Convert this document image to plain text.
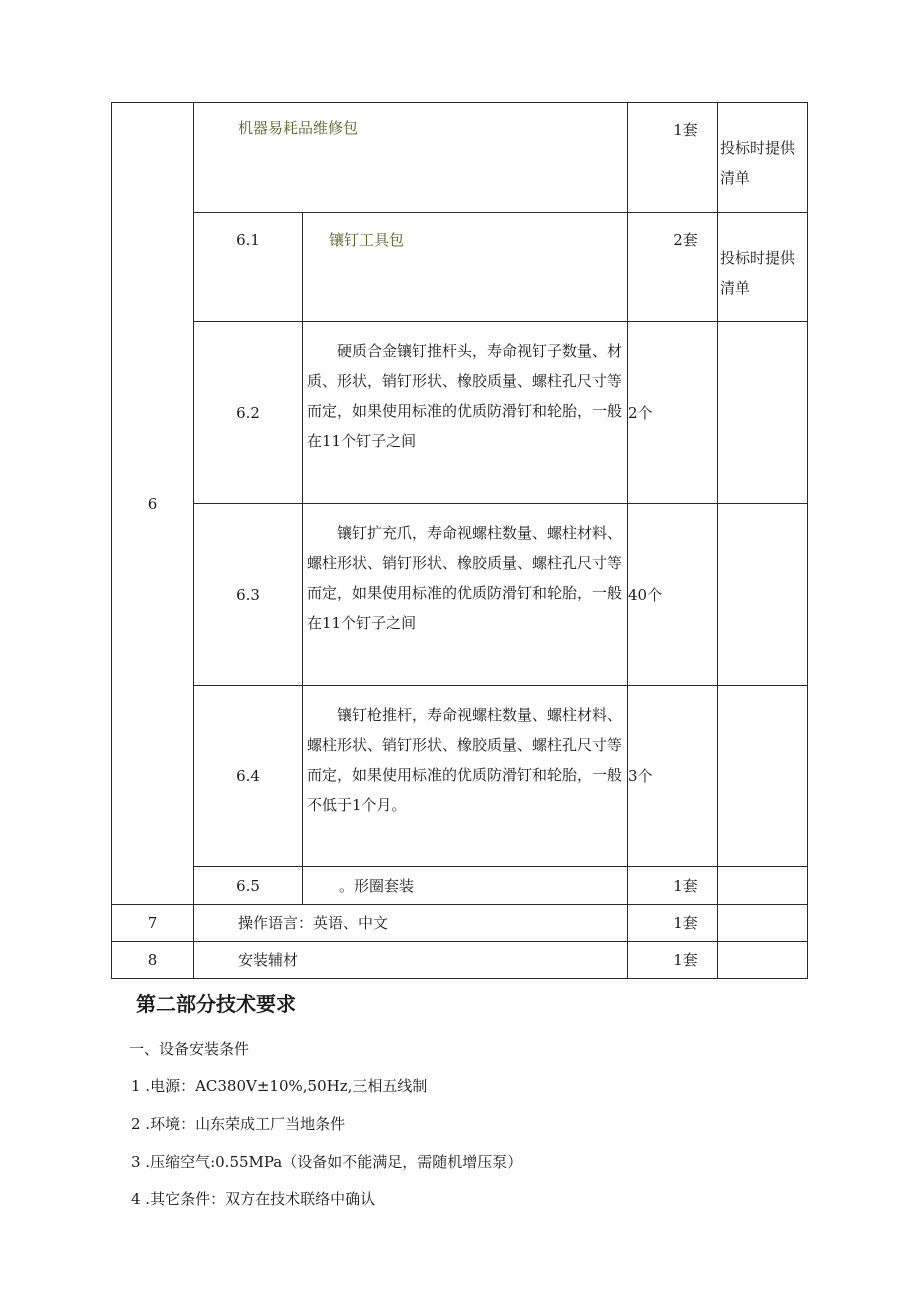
6	机器易耗品维修包		1套	投标时提供清单
	6.1	镶钉工具包	2套	投标时提供清单
	6.2	硬质合金镶钉推杆头，寿命视钉子数量、材质、形状，销钉形状、橡胶质量、螺柱孔尺寸等而定，如果使用标准的优质防滑钉和轮胎，一般在11个钉子之间	2个	
	6.3	镶钉扩充爪，寿命视螺柱数量、螺柱材料、螺柱形状、销钉形状、橡胶质量、螺柱孔尺寸等而定，如果使用标准的优质防滑钉和轮胎，一般在11个钉子之间	40个	
	6.4	镶钉枪推杆，寿命视螺柱数量、螺柱材料、螺柱形状、销钉形状、橡胶质量、螺柱孔尺寸等而定，如果使用标准的优质防滑钉和轮胎，一般不低于1个月。	3个	
	6.5	。形圈套装	1套	

7	操作语言：英语、中文		1套	
8	安装辅材		1套	
第二部分技术要求
一、设备安装条件
1 .电源：AC380V±10%,50Hz,三相五线制
2 .环境：山东荣成工厂当地条件
3 .压缩空气:0.55MPa（设备如不能满足，需随机增压泵）
4 .其它条件：双方在技术联络中确认
